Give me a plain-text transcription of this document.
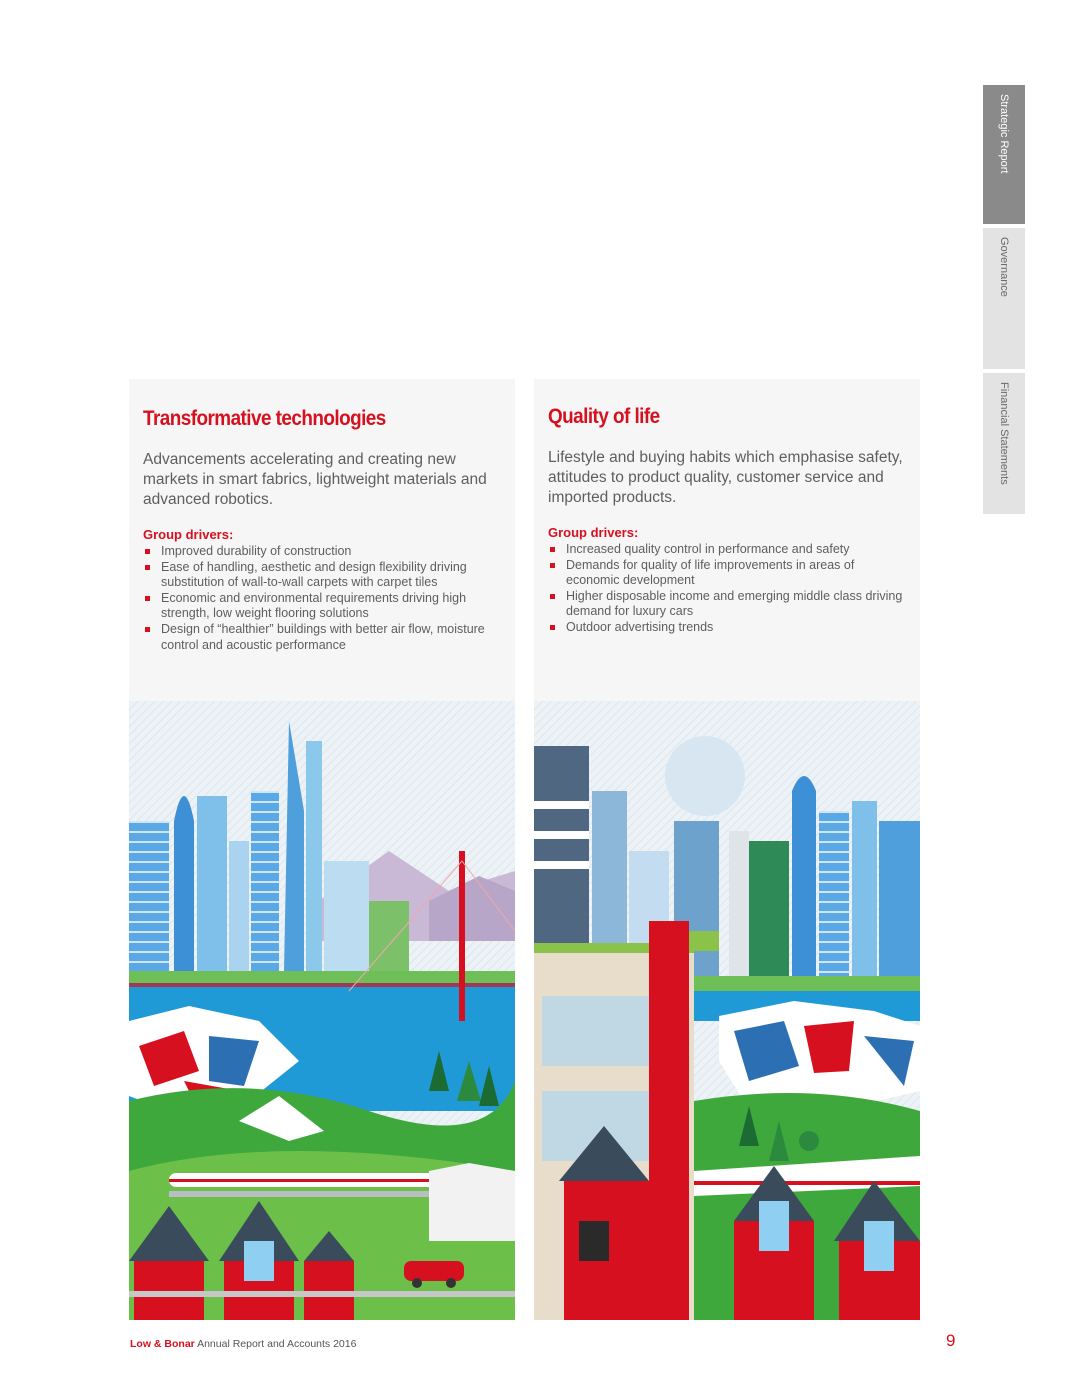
Strategic Report
Governance
Financial Statements
Transformative technologies

Advancements accelerating and creating new markets in smart fabrics, lightweight materials and advanced robotics.

Group drivers:

Improved durability of construction
Ease of handling, aesthetic and design flexibility driving substitution of wall-to-wall carpets with carpet tiles
Economic and environmental requirements driving high strength, low weight flooring solutions
Design of “healthier” buildings with better air flow, moisture control and acoustic performance
Quality of life

Lifestyle and buying habits which emphasise safety, attitudes to product quality, customer service and imported products.

Group drivers:

Increased quality control in performance and safety
Demands for quality of life improvements in areas of economic development
Higher disposable income and emerging middle class driving demand for luxury cars
Outdoor advertising trends
Low & Bonar Annual Report and Accounts 2016	9
